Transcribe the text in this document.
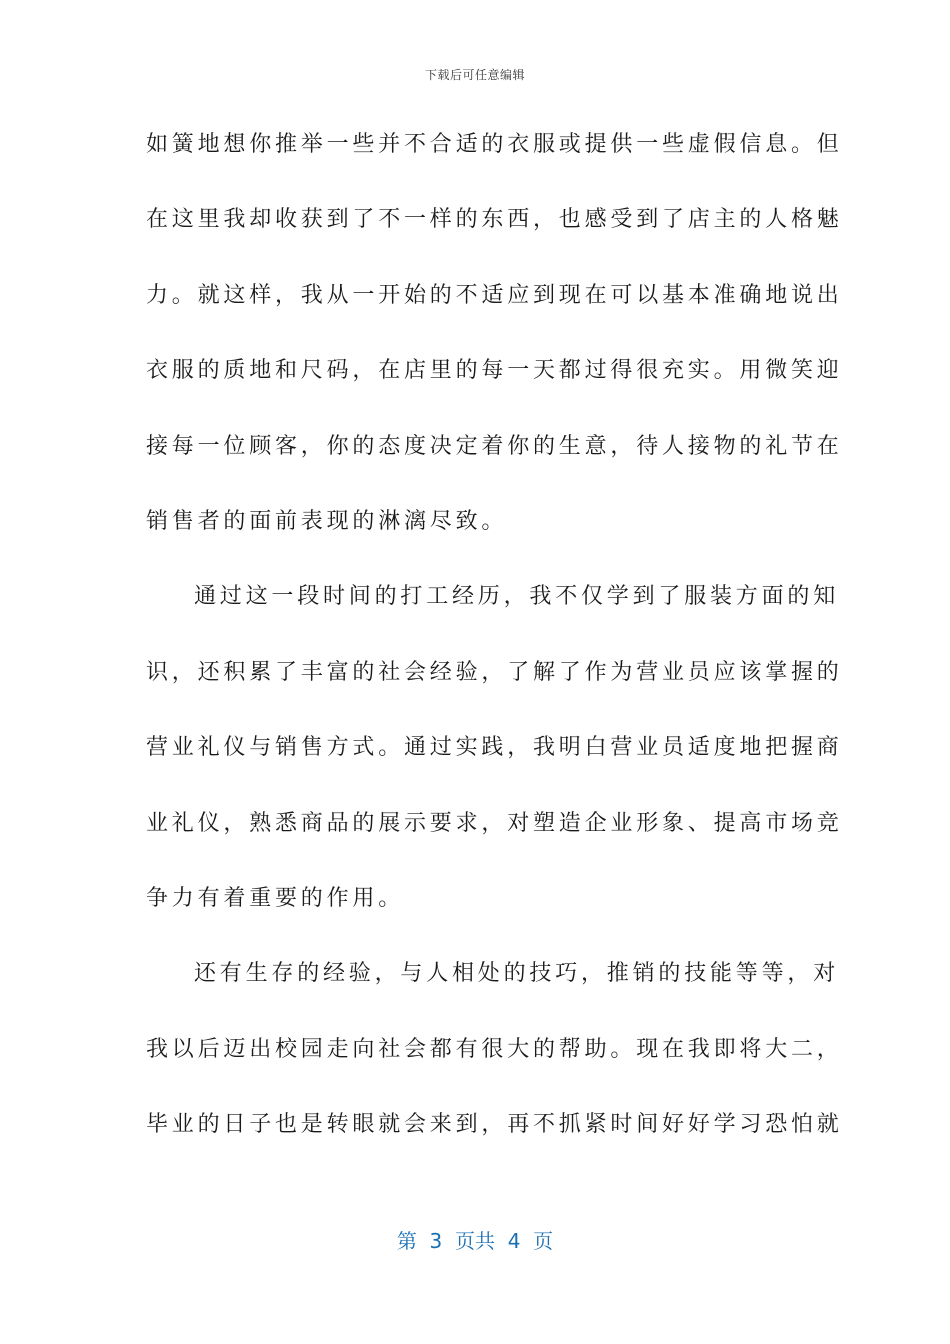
下载后可任意编辑
如簧地想你推举一些并不合适的衣服或提供一些虚假信息。但
在这里我却收获到了不一样的东西，也感受到了店主的人格魅
力。就这样，我从一开始的不适应到现在可以基本准确地说出
衣服的质地和尺码，在店里的每一天都过得很充实。用微笑迎
接每一位顾客，你的态度决定着你的生意，待人接物的礼节在
销售者的面前表现的淋漓尽致。
通过这一段时间的打工经历，我不仅学到了服装方面的知
识，还积累了丰富的社会经验，了解了作为营业员应该掌握的
营业礼仪与销售方式。通过实践，我明白营业员适度地把握商
业礼仪，熟悉商品的展示要求，对塑造企业形象、提高市场竞
争力有着重要的作用。
还有生存的经验，与人相处的技巧，推销的技能等等，对
我以后迈出校园走向社会都有很大的帮助。现在我即将大二，
毕业的日子也是转眼就会来到，再不抓紧时间好好学习恐怕就
第  3  页共  4  页
